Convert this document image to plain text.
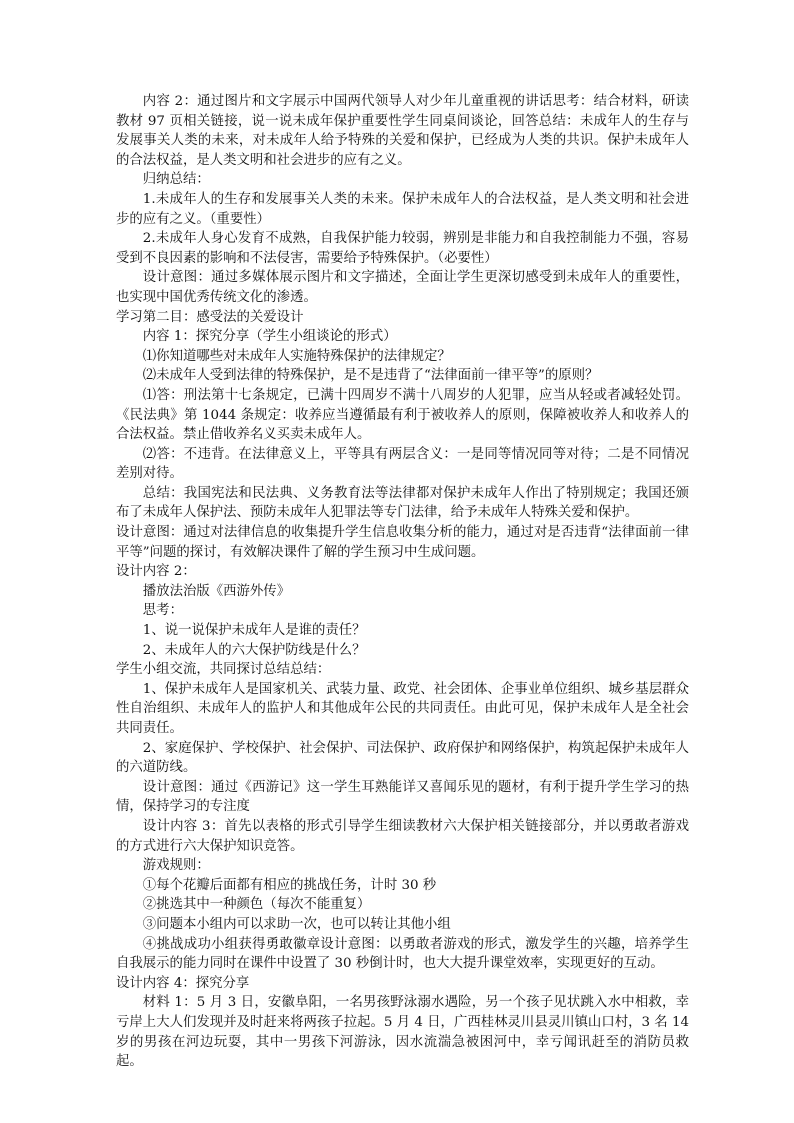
内容 2：通过图片和文字展示中国两代领导人对少年儿童重视的讲话思考：结合材料，研读教材 97 页相关链接，说一说未成年保护重要性学生同桌间谈论，回答总结：未成年人的生存与发展事关人类的未来，对未成年人给予特殊的关爱和保护，已经成为人类的共识。保护未成年人的合法权益，是人类文明和社会进步的应有之义。

归纳总结：

1.未成年人的生存和发展事关人类的未来。保护未成年人的合法权益，是人类文明和社会进步的应有之义。（重要性）

2.未成年人身心发育不成熟，自我保护能力较弱，辨别是非能力和自我控制能力不强，容易受到不良因素的影响和不法侵害，需要给予特殊保护。（必要性）

设计意图：通过多媒体展示图片和文字描述，全面让学生更深切感受到未成年人的重要性，也实现中国优秀传统文化的渗透。

学习第二目：感受法的关爱设计

内容 1：探究分享（学生小组谈论的形式）

⑴你知道哪些对未成年人实施特殊保护的法律规定？

⑵未成年人受到法律的特殊保护，是不是违背了“法律面前一律平等”的原则？

⑴答：刑法第十七条规定，已满十四周岁不满十八周岁的人犯罪，应当从轻或者减轻处罚。《民法典》第 1044 条规定：收养应当遵循最有利于被收养人的原则，保障被收养人和收养人的合法权益。禁止借收养名义买卖未成年人。

⑵答：不违背。在法律意义上，平等具有两层含义：一是同等情况同等对待；二是不同情况差别对待。

总结：我国宪法和民法典、义务教育法等法律都对保护未成年人作出了特别规定；我国还颁布了未成年人保护法、预防未成年人犯罪法等专门法律，给予未成年人特殊关爱和保护。

设计意图：通过对法律信息的收集提升学生信息收集分析的能力，通过对是否违背“法律面前一律平等”问题的探讨，有效解决课件了解的学生预习中生成问题。

设计内容 2：

播放法治版《西游外传》

思考：

1、说一说保护未成年人是谁的责任？

2、未成年人的六大保护防线是什么？

学生小组交流，共同探讨总结总结：

1、保护未成年人是国家机关、武装力量、政党、社会团体、企事业单位组织、城乡基层群众性自治组织、未成年人的监护人和其他成年公民的共同责任。由此可见，保护未成年人是全社会共同责任。

2、家庭保护、学校保护、社会保护、司法保护、政府保护和网络保护，构筑起保护未成年人的六道防线。

设计意图：通过《西游记》这一学生耳熟能详又喜闻乐见的题材，有利于提升学生学习的热情，保持学习的专注度

设计内容 3：首先以表格的形式引导学生细读教材六大保护相关链接部分，并以勇敢者游戏的方式进行六大保护知识竞答。

游戏规则：

①每个花瓣后面都有相应的挑战任务，计时 30 秒

②挑选其中一种颜色（每次不能重复）

③问题本小组内可以求助一次，也可以转让其他小组

④挑战成功小组获得勇敢徽章设计意图：以勇敢者游戏的形式，激发学生的兴趣，培养学生自我展示的能力同时在课件中设置了 30 秒倒计时，也大大提升课堂效率，实现更好的互动。

设计内容 4：探究分享

材料 1：5 月 3 日，安徽阜阳，一名男孩野泳溺水遇险，另一个孩子见状跳入水中相救，幸亏岸上大人们发现并及时赶来将两孩子拉起。5 月 4 日，广西桂林灵川县灵川镇山口村，3 名 14 岁的男孩在河边玩耍，其中一男孩下河游泳，因水流湍急被困河中，幸亏闻讯赶至的消防员救起。
